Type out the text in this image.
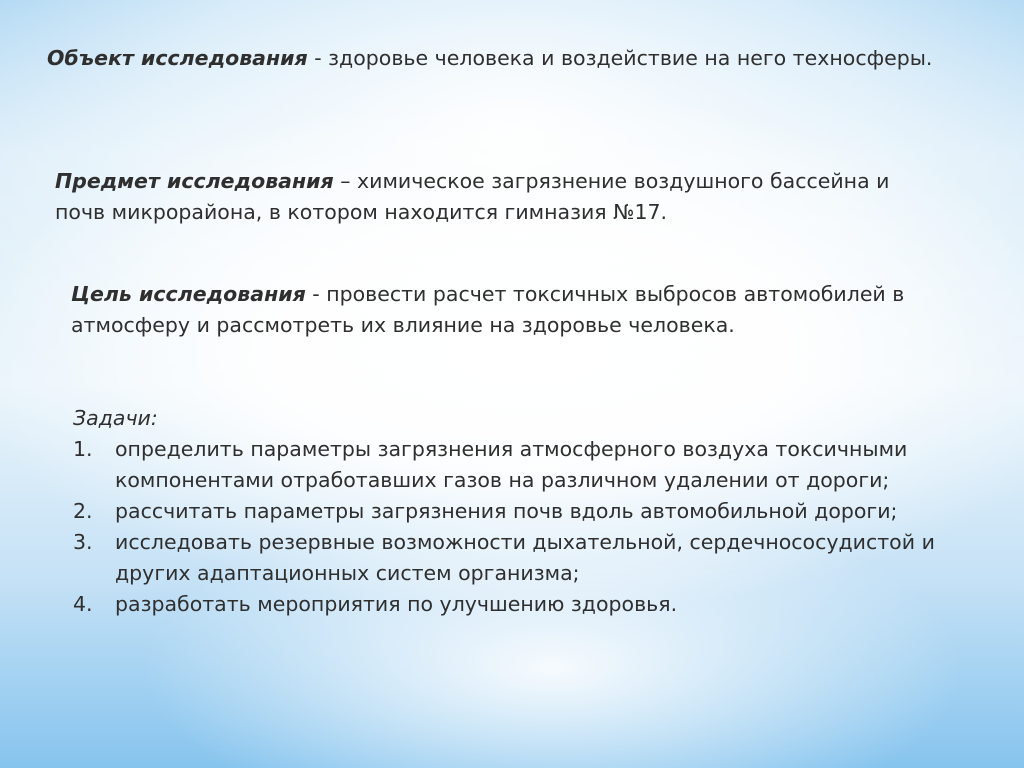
Объект исследования - здоровье человека и воздействие на него техносферы.

Предмет исследования – химическое загрязнение воздушного бассейна и почв микрорайона, в котором находится гимназия №17.

Цель исследования - провести расчет токсичных выбросов автомобилей в атмосферу и рассмотреть их влияние на здоровье человека.

Задачи:

1. определить параметры загрязнения атмосферного воздуха токсичными компонентами отработавших газов на различном удалении от дороги;
2. рассчитать параметры загрязнения почв вдоль автомобильной дороги;
3. исследовать резервные возможности дыхательной, сердечнососудистой и других адаптационных систем организма;
4. разработать мероприятия по улучшению здоровья.
